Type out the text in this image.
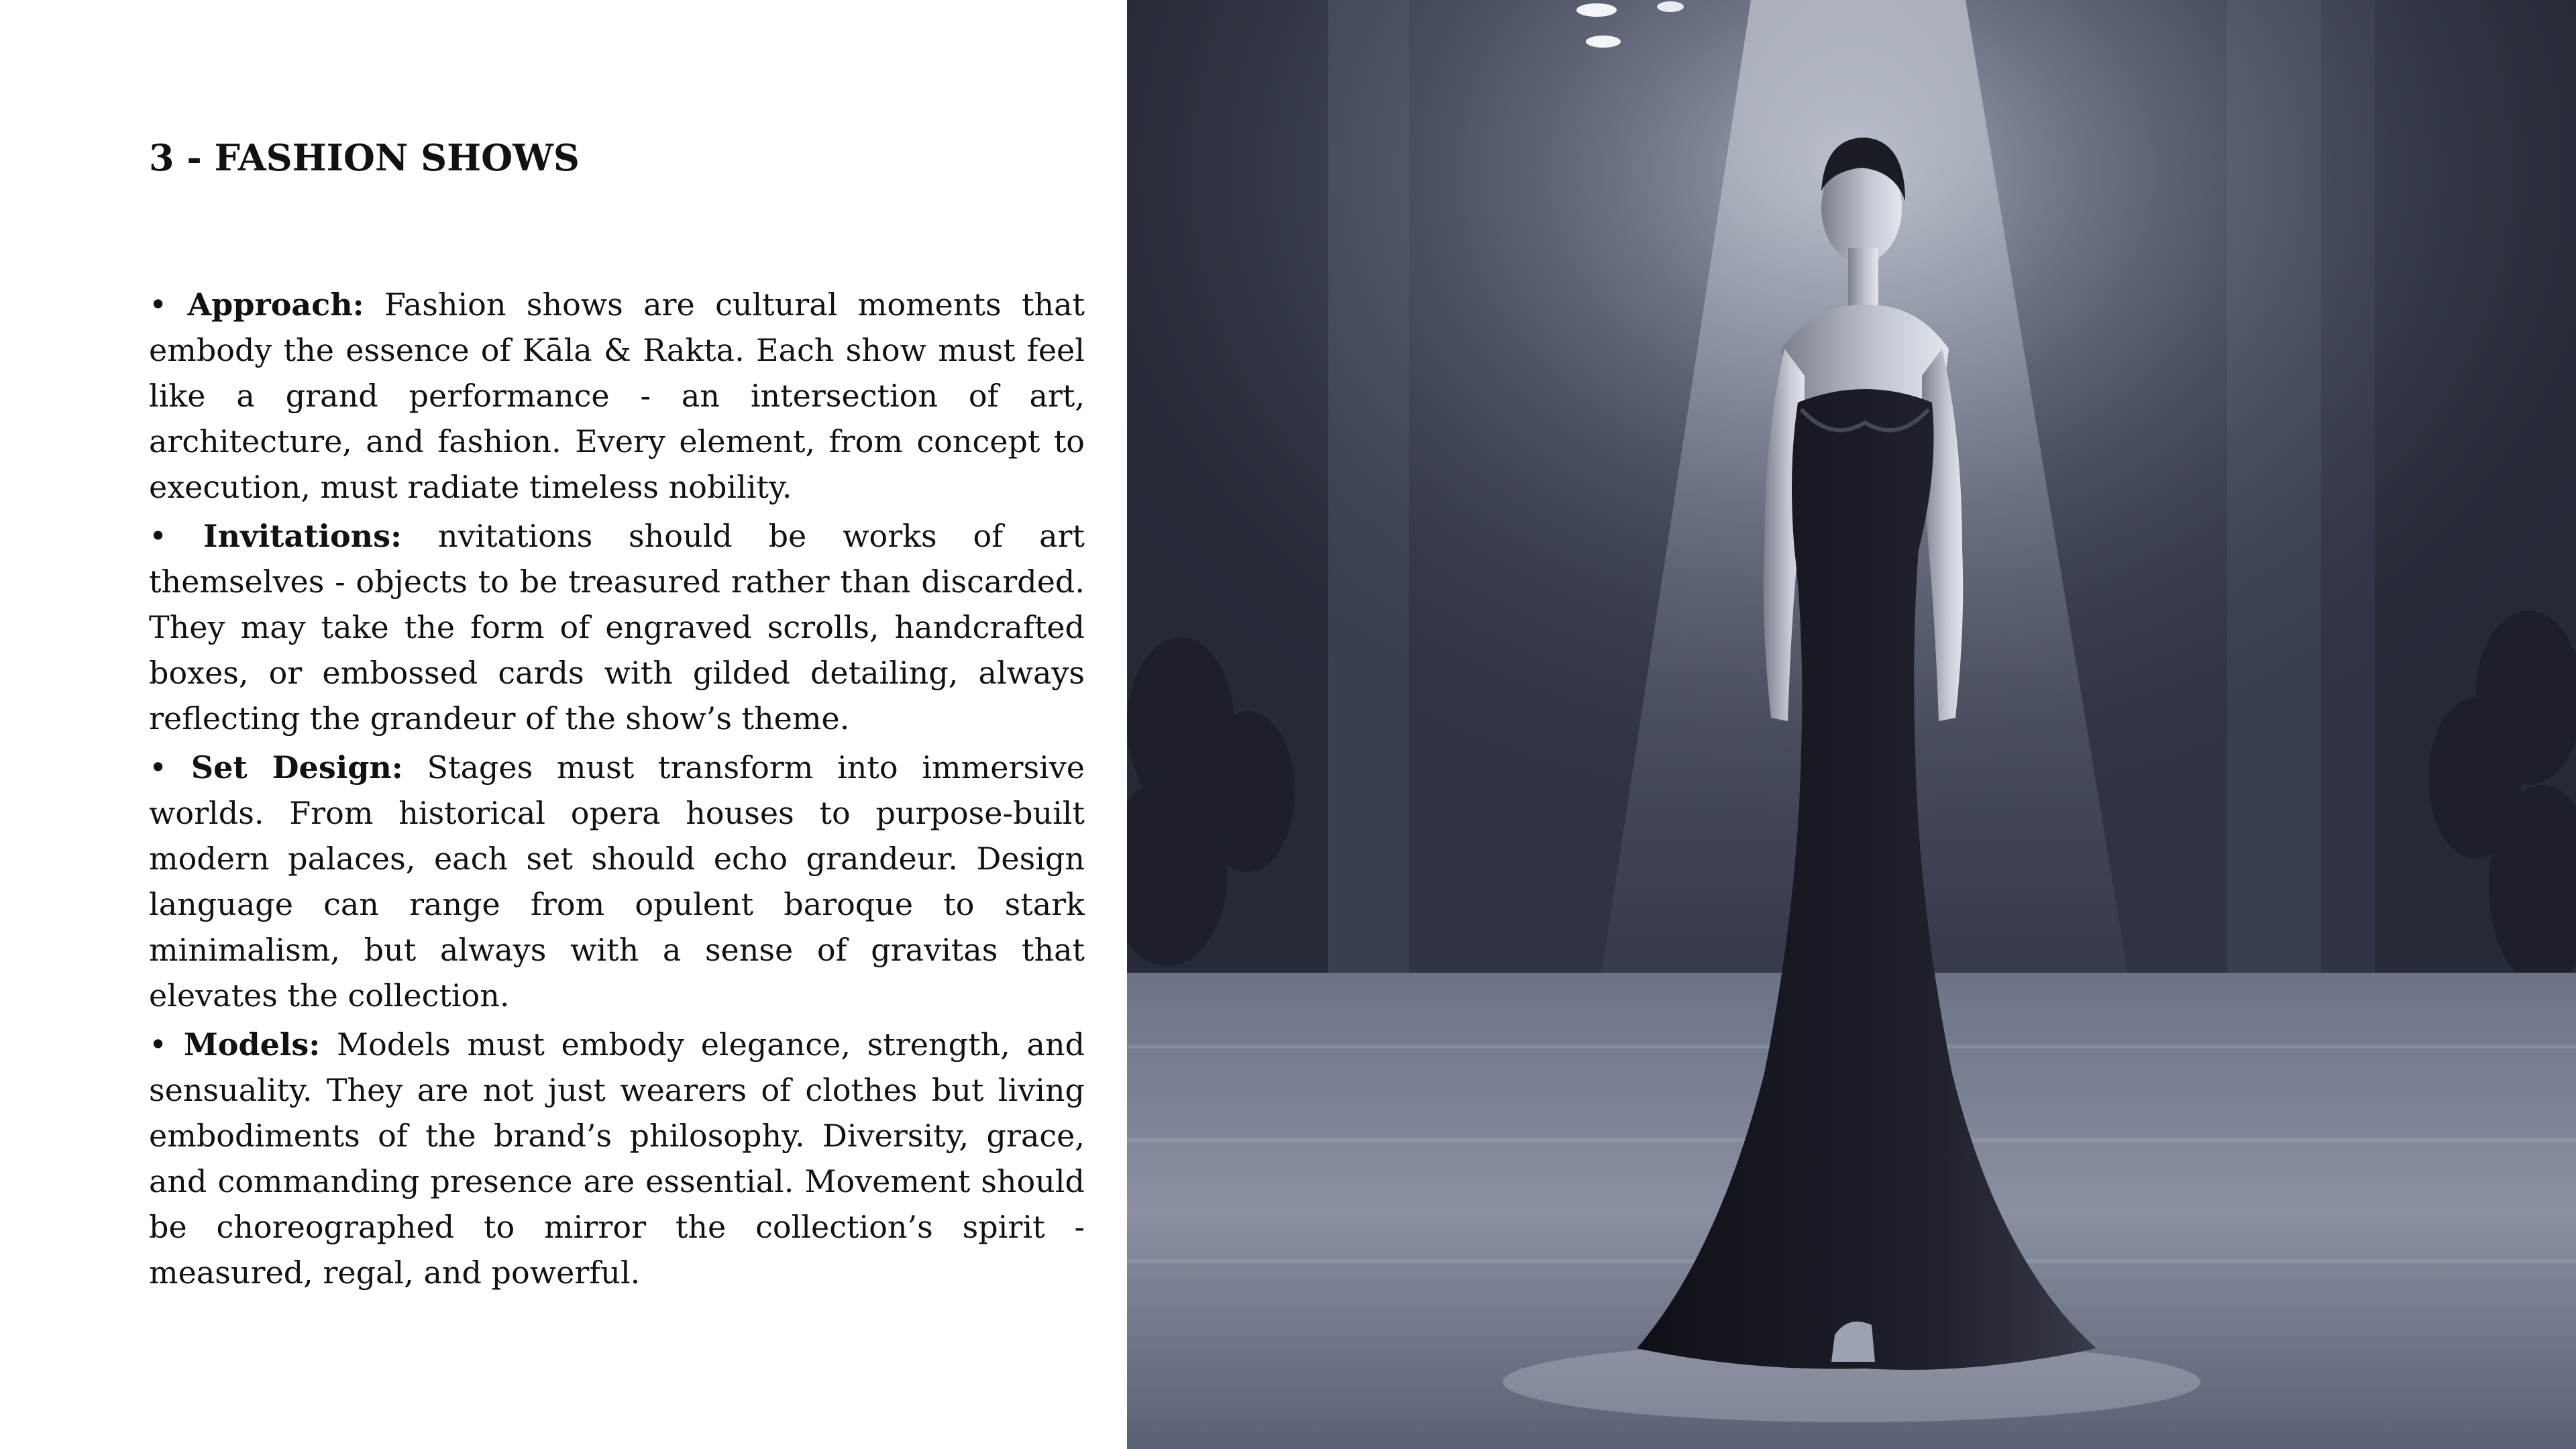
3 - FASHION SHOWS

• Approach: Fashion shows are cultural moments that embody the essence of Kāla & Rakta. Each show must feel like a grand performance - an intersection of art, architecture, and fashion. Every element, from concept to execution, must radiate timeless nobility.

• Invitations: nvitations should be works of art themselves - objects to be treasured rather than discarded. They may take the form of engraved scrolls, handcrafted boxes, or embossed cards with gilded detailing, always reflecting the grandeur of the show’s theme.

• Set Design: Stages must transform into immersive worlds. From historical opera houses to purpose-built modern palaces, each set should echo grandeur. Design language can range from opulent baroque to stark minimalism, but always with a sense of gravitas that elevates the collection.

• Models: Models must embody elegance, strength, and sensuality. They are not just wearers of clothes but living embodiments of the brand’s philosophy. Diversity, grace, and commanding presence are essential. Movement should be choreographed to mirror the collection’s spirit - measured, regal, and powerful.
